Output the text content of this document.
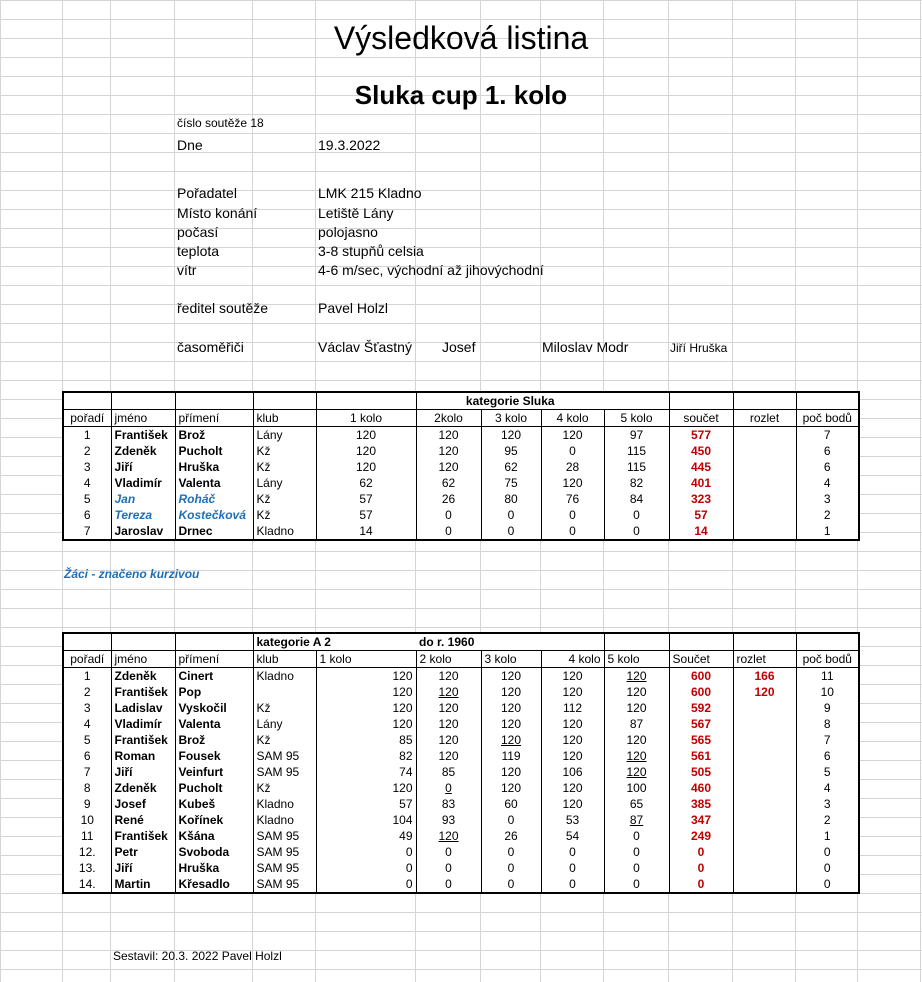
Výsledková listina
Sluka cup 1. kolo
číslo soutěže 18
Dne	19.3.2022
Pořadatel	LMK 215 Kladno
Místo konání	Letiště Lány
počasí	polojasno
teplota	3-8 stupňů celsia
vítr	4-6 m/sec, východní až jihovýchodní
ředitel soutěže	Pavel Holzl
časoměřiči	Václav Šťastný Josef	Miloslav Modr	Jiří Hruška
					kategorie Sluka						
pořadí	jméno	přímení	klub	1 kolo	2kolo	3 kolo	4 kolo	5 kolo	součet	rozlet	poč bodů
1	František	Brož	Lány	120	120	120	120	97	577		7
2	Zdeněk	Pucholt	Kž	120	120	95	0	115	450		6
3	Jiří	Hruška	Kž	120	120	62	28	115	445		6
4	Vladimír	Valenta	Lány	62	62	75	120	82	401		4
5	Jan	Roháč	Kž	57	26	80	76	84	323		3
6	Tereza	Kostečková	Kž	57	0	0	0	0	57		2
7	Jaroslav	Drnec	Kladno	14	0	0	0	0	14		1
Žáci - značeno kurzivou
			kategorie A 2		do r. 1960						
pořadí	jméno	přímení	klub	1 kolo	2 kolo	3 kolo	4 kolo	5 kolo	Součet	rozlet	poč bodů
1	Zdeněk	Cinert	Kladno	120	120	120	120	120	600	166	11
2	František	Pop		120	120	120	120	120	600	120	10
3	Ladislav	Vyskočil	Kž	120	120	120	112	120	592		9
4	Vladimír	Valenta	Lány	120	120	120	120	87	567		8
5	František	Brož	Kž	85	120	120	120	120	565		7
6	Roman	Fousek	SAM 95	82	120	119	120	120	561		6
7	Jiří	Veinfurt	SAM 95	74	85	120	106	120	505		5
8	Zdeněk	Pucholt	Kž	120	0	120	120	100	460		4
9	Josef	Kubeš	Kladno	57	83	60	120	65	385		3
10	René	Kořínek	Kladno	104	93	0	53	87	347		2
11	František	Kšána	SAM 95	49	120	26	54	0	249		1
12.	Petr	Svoboda	SAM 95	0	0	0	0	0	0		0
13.	Jiří	Hruška	SAM 95	0	0	0	0	0	0		0
14.	Martin	Křesadlo	SAM 95	0	0	0	0	0	0		0
Sestavil: 20.3. 2022 Pavel Holzl
